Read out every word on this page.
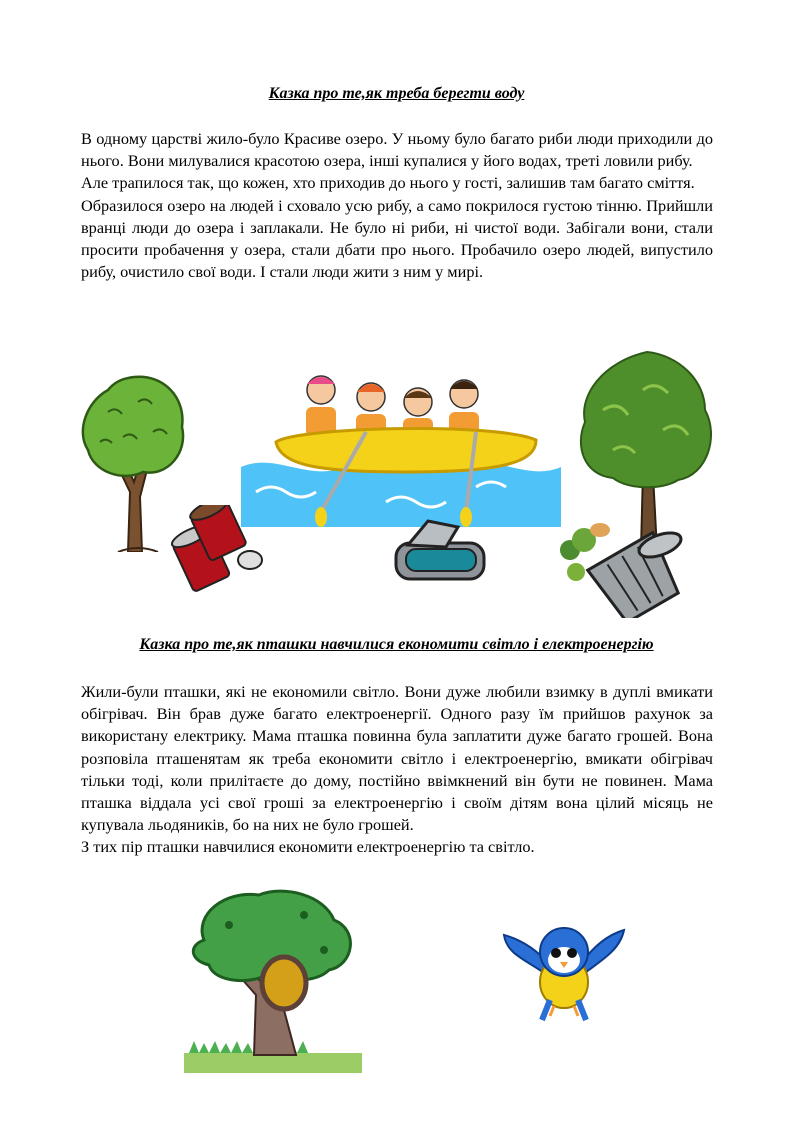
Казка про те,як треба берегти воду

В одному царстві жило-було Красиве озеро. У ньому було багато риби люди приходили до нього. Вони милувалися красотою озера, інші купалися у його водах, треті ловили рибу.

Але трапилося так, що кожен, хто приходив до нього у гості, залишив там багато сміття.

Образилося озеро на людей і сховало усю рибу, а само покрилося густою тінню. Прийшли вранці люди до озера і заплакали. Не було ні риби, ні чистої води. Забігали вони, стали просити пробачення у озера, стали дбати про нього. Пробачило озеро людей, випустило рибу, очистило свої води. І стали люди жити з ним у мирі.

Казка про те,як пташки навчилися економити світло і електроенергію

Жили-були пташки, які не економили світло. Вони дуже любили взимку в дуплі вмикати обігрівач. Він брав дуже багато електроенергії. Одного разу їм прийшов рахунок за використану електрику. Мама пташка повинна була заплатити дуже багато грошей. Вона розповіла пташенятам як треба економити світло і електроенергію, вмикати обігрівач тільки тоді, коли прилітаєте до дому, постійно ввімкнений він бути не повинен. Мама пташка віддала усі свої гроші за електроенергію і своїм дітям вона цілий місяць не купувала льодяників, бо на них не було грошей.

З тих пір пташки навчилися економити електроенергію та світло.
